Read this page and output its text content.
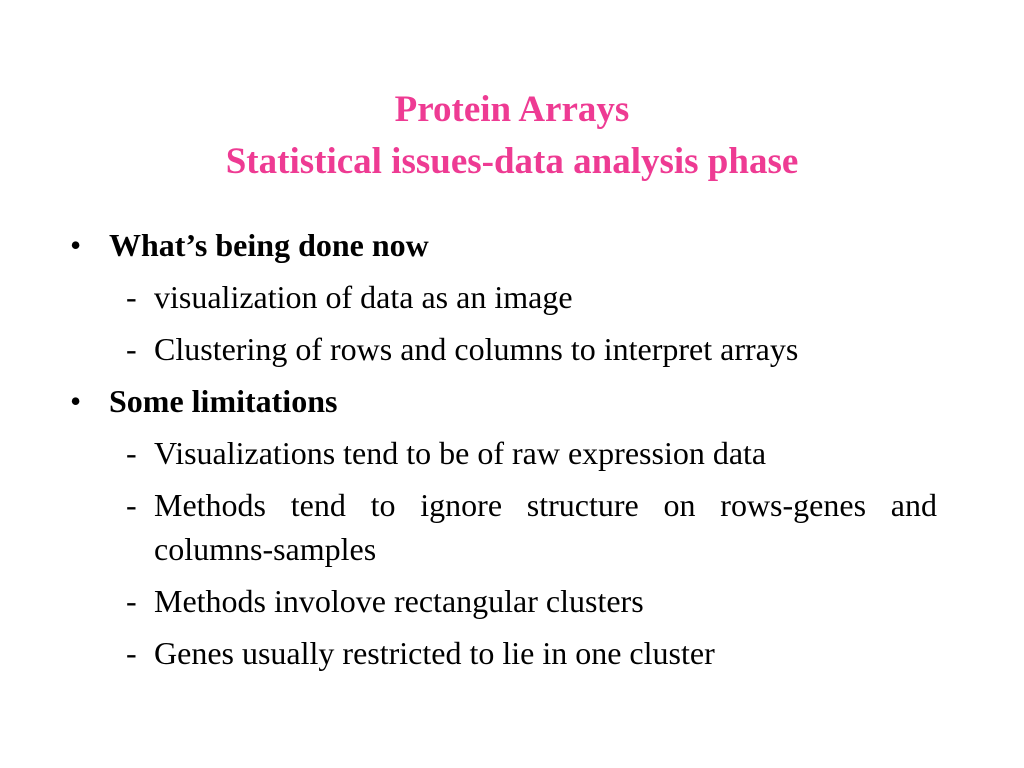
Protein Arrays
Statistical issues-data analysis phase
• What’s being done now
- visualization of data as an image
- Clustering of rows and columns to interpret arrays
• Some limitations
- Visualizations tend to be of raw expression data
- Methods tend to ignore structure on rows-genes and columns-samples
- Methods involove rectangular clusters
- Genes usually restricted to lie in one cluster
